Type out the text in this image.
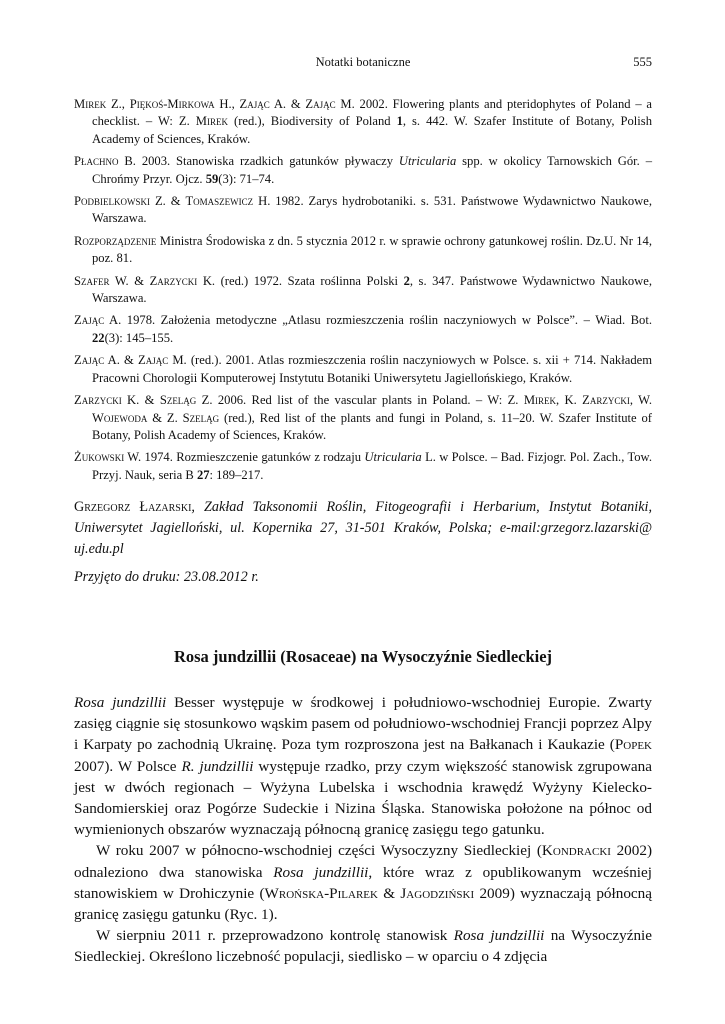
Notatki botaniczne	555

Mirek Z., Piękoś-Mirkowa H., Zając A. & Zając M. 2002. Flowering plants and pteridophytes of Poland – a checklist. – W: Z. Mirek (red.), Biodiversity of Poland 1, s. 442. W. Szafer Institute of Botany, Polish Academy of Sciences, Kraków.

Płachno B. 2003. Stanowiska rzadkich gatunków pływaczy Utricularia spp. w okolicy Tarnowskich Gór. – Chrońmy Przyr. Ojcz. 59(3): 71–74.

Podbielkowski Z. & Tomaszewicz H. 1982. Zarys hydrobotaniki. s. 531. Państwowe Wydawnictwo Naukowe, Warszawa.

Rozporządzenie Ministra Środowiska z dn. 5 stycznia 2012 r. w sprawie ochrony gatunkowej roślin. Dz.U. Nr 14, poz. 81.

Szafer W. & Zarzycki K. (red.) 1972. Szata roślinna Polski 2, s. 347. Państwowe Wydawnictwo Naukowe, Warszawa.

Zając A. 1978. Założenia metodyczne „Atlasu rozmieszczenia roślin naczyniowych w Polsce”. – Wiad. Bot. 22(3): 145–155.

Zając A. & Zając M. (red.). 2001. Atlas rozmieszczenia roślin naczyniowych w Polsce. s. xii + 714. Nakładem Pracowni Chorologii Komputerowej Instytutu Botaniki Uniwersytetu Jagiellońskiego, Kraków.

Zarzycki K. & Szeląg Z. 2006. Red list of the vascular plants in Poland. – W: Z. Mirek, K. Zarzycki, W. Wojewoda & Z. Szeląg (red.), Red list of the plants and fungi in Poland, s. 11–20. W. Szafer Institute of Botany, Polish Academy of Sciences, Kraków.

Żukowski W. 1974. Rozmieszczenie gatunków z rodzaju Utricularia L. w Polsce. – Bad. Fizjogr. Pol. Zach., Tow. Przyj. Nauk, seria B 27: 189–217.

Grzegorz Łazarski, Zakład Taksonomii Roślin, Fitogeografii i Herbarium, Instytut Botaniki, Uniwersytet Jagielloński, ul. Kopernika 27, 31-501 Kraków, Polska; e-mail:grzegorz.lazarski@ uj.edu.pl
Przyjęto do druku: 23.08.2012 r.
Rosa jundzillii (Rosaceae) na Wysoczyźnie Siedleckiej

Rosa jundzillii Besser występuje w środkowej i południowo-wschodniej Europie. Zwarty zasięg ciągnie się stosunkowo wąskim pasem od południowo-wschodniej Francji poprzez Alpy i Karpaty po zachodnią Ukrainę. Poza tym rozproszona jest na Bałkanach i Kaukazie (Popek 2007). W Polsce R. jundzillii występuje rzadko, przy czym większość stanowisk zgrupowana jest w dwóch regionach – Wyżyna Lubelska i wschodnia krawędź Wyżyny Kielecko-Sandomierskiej oraz Pogórze Sudeckie i Nizina Śląska. Stanowiska położone na północ od wymienionych obszarów wyznaczają północną granicę zasięgu tego gatunku.

W roku 2007 w północno-wschodniej części Wysoczyzny Siedleckiej (Kondracki 2002) odnaleziono dwa stanowiska Rosa jundzillii, które wraz z opublikowanym wcześniej stanowiskiem w Drohiczynie (Wrońska-Pilarek & Jagodziński 2009) wyznaczają północną granicę zasięgu gatunku (Ryc. 1).

W sierpniu 2011 r. przeprowadzono kontrolę stanowisk Rosa jundzillii na Wysoczyźnie Siedleckiej. Określono liczebność populacji, siedlisko – w oparciu o 4 zdjęcia
